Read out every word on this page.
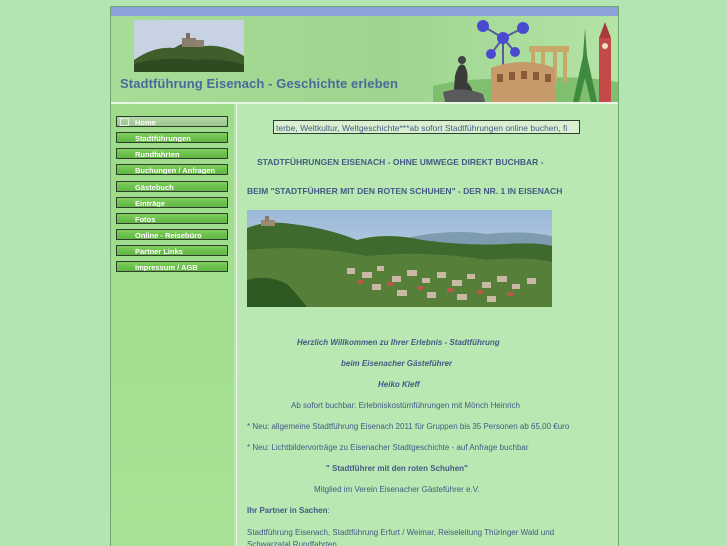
Stadtführung Eisenach - Geschichte erleben
Home
Stadtführungen
Rundfahrten
Buchungen / Anfragen
Gästebuch
Einträge
Fotos
Online - Reisebüro
Partner Links
Impressum / AGB
terbe, Weltkultur, Weltgeschichte***ab sofort Stadtführungen online buchen, fi
STADTFÜHRUNGEN EISENACH - OHNE UMWEGE DIREKT BUCHBAR -
BEIM "STADTFÜHRER MIT DEN ROTEN SCHUHEN" - DER NR. 1 IN EISENACH
Herzlich Willkommen zu Ihrer Erlebnis - Stadtführung
beim Eisenacher Gästeführer
Heiko Kleff
Ab sofort buchbar: Erlebniskostümführungen mit Mönch Heinrich
* Neu: allgemeine Stadtführung Eisenach 2011 für Gruppen bis 35 Personen ab 65,00 €uro
* Neu: Lichtbildervorträge zu Eisenacher Stadtgeschichte - auf Anfrage buchbar
" Stadtführer mit den roten Schuhen"
Mitglied im Verein Eisenacher Gästeführer e.V.
Ihr Partner in Sachen:
Stadtführung Eisenach, Stadtführung Erfurt / Weimar, Reiseleitung Thüringer Wald und
Schwarzatal Rundfahrten
